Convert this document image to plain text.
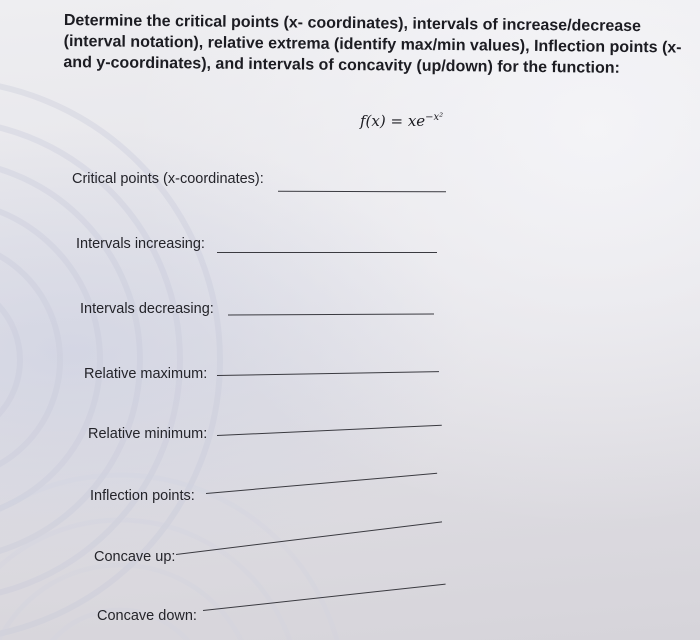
Determine the critical points (x- coordinates), intervals of increase/decrease (interval notation), relative extrema (identify max/min values), Inflection points (x- and y-coordinates), and intervals of concavity (up/down) for the function:

$f(x) = xe^{-x^2}$
Critical points (x-coordinates):
Intervals increasing:
Intervals decreasing:
Relative maximum:
Relative minimum:
Inflection points:
Concave up:
Concave down:
